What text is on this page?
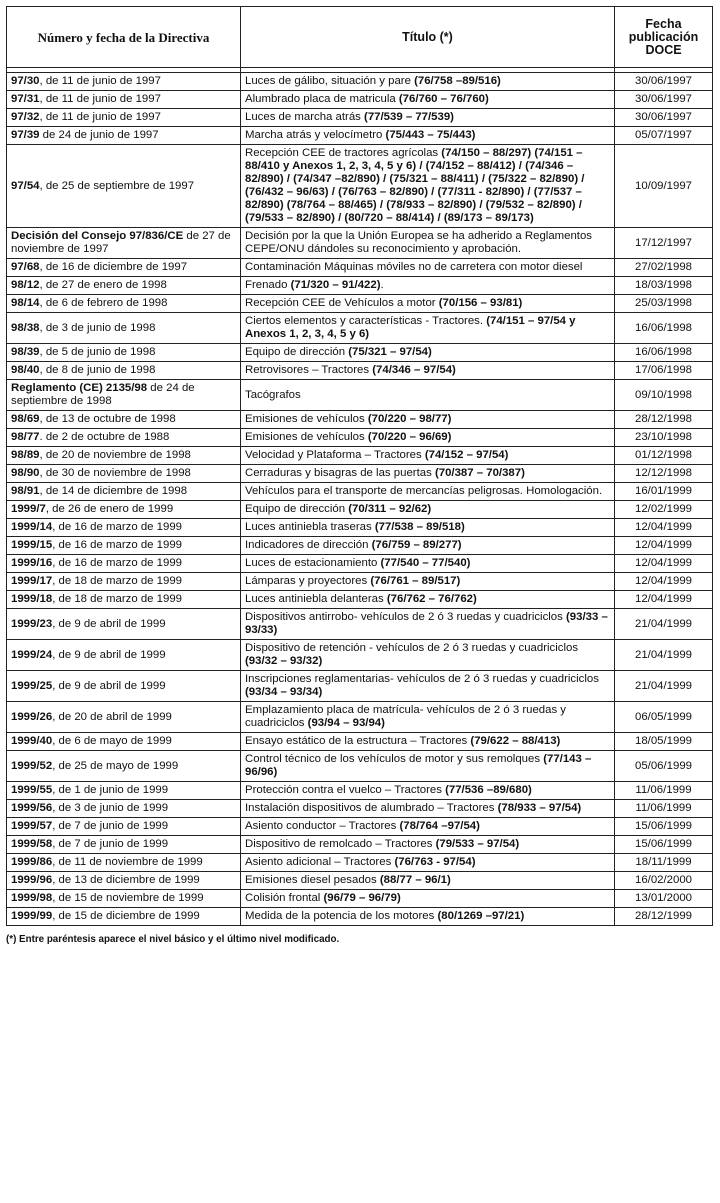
Número y fecha de la Directiva	Título (*)	Fecha publicación DOCE

97/30, de 11 de junio de 1997	Luces de gálibo, situación y pare (76/758 –89/516)	30/06/1997
97/31, de 11 de junio de 1997	Alumbrado placa de matricula (76/760 – 76/760)	30/06/1997
97/32, de 11 de junio de 1997	Luces de marcha atrás (77/539 – 77/539)	30/06/1997
97/39 de 24 de junio de 1997	Marcha atrás y velocímetro (75/443 – 75/443)	05/07/1997
97/54, de 25 de septiembre de 1997	Recepción CEE de tractores agrícolas (74/150 – 88/297) (74/151 – 88/410 y Anexos 1, 2, 3, 4, 5 y 6) / (74/152 – 88/412) / (74/346 – 82/890) / (74/347 –82/890) / (75/321 – 88/411) / (75/322 – 82/890) / (76/432 – 96/63) / (76/763 – 82/890) / (77/311 - 82/890) / (77/537 – 82/890) (78/764 – 88/465) / (78/933 – 82/890) / (79/532 – 82/890) / (79/533 – 82/890) / (80/720 – 88/414) / (89/173 – 89/173)	10/09/1997
Decisión del Consejo 97/836/CE de 27 de noviembre de 1997	Decisión por la que la Unión Europea se ha adherido a Reglamentos CEPE/ONU dándoles su reconocimiento y aprobación.	17/12/1997
97/68, de 16 de diciembre de 1997	Contaminación Máquinas móviles no de carretera con motor diesel	27/02/1998
98/12, de 27 de enero de 1998	Frenado (71/320 – 91/422).	18/03/1998
98/14, de 6 de febrero de 1998	Recepción CEE de Vehículos a motor (70/156 – 93/81)	25/03/1998
98/38, de 3 de junio de 1998	Ciertos elementos y características - Tractores. (74/151 – 97/54 y Anexos 1, 2, 3, 4, 5 y 6)	16/06/1998
98/39, de 5 de junio de 1998	Equipo de dirección (75/321 – 97/54)	16/06/1998
98/40, de 8 de junio de 1998	Retrovisores – Tractores (74/346 – 97/54)	17/06/1998
Reglamento (CE) 2135/98 de 24 de septiembre de 1998	Tacógrafos	09/10/1998
98/69, de 13 de octubre de 1998	Emisiones de vehículos (70/220 – 98/77)	28/12/1998
98/77. de 2 de octubre de 1988	Emisiones de vehículos (70/220 – 96/69)	23/10/1998
98/89, de 20 de noviembre de 1998	Velocidad y Plataforma – Tractores (74/152 – 97/54)	01/12/1998
98/90, de 30 de noviembre de 1998	Cerraduras y bisagras de las puertas (70/387 – 70/387)	12/12/1998
98/91, de 14 de diciembre de 1998	Vehículos para el transporte de mercancías peligrosas. Homologación.	16/01/1999
1999/7, de 26 de enero de 1999	Equipo de dirección (70/311 – 92/62)	12/02/1999
1999/14, de 16 de marzo de 1999	Luces antiniebla traseras (77/538 – 89/518)	12/04/1999
1999/15, de 16 de marzo de 1999	Indicadores de dirección (76/759 – 89/277)	12/04/1999
1999/16, de 16 de marzo de 1999	Luces de estacionamiento (77/540 – 77/540)	12/04/1999
1999/17, de 18 de marzo de 1999	Lámparas y proyectores (76/761 – 89/517)	12/04/1999
1999/18, de 18 de marzo de 1999	Luces antiniebla delanteras (76/762 – 76/762)	12/04/1999
1999/23, de 9 de abril de 1999	Dispositivos antirrobo- vehículos de 2 ó 3 ruedas y cuadriciclos (93/33 – 93/33)	21/04/1999
1999/24, de 9 de abril de 1999	Dispositivo de retención - vehículos de 2 ó 3 ruedas y cuadriciclos (93/32 – 93/32)	21/04/1999
1999/25, de 9 de abril de 1999	Inscripciones reglamentarias- vehículos de 2 ó 3 ruedas y cuadriciclos (93/34 – 93/34)	21/04/1999
1999/26, de 20 de abril de 1999	Emplazamiento placa de matrícula- vehículos de 2 ó 3 ruedas y cuadriciclos (93/94 – 93/94)	06/05/1999
1999/40, de 6 de mayo de 1999	Ensayo estático de la estructura – Tractores (79/622 – 88/413)	18/05/1999
1999/52, de 25 de mayo de 1999	Control técnico de los vehículos de motor y sus remolques (77/143 – 96/96)	05/06/1999
1999/55, de 1 de junio de 1999	Protección contra el vuelco – Tractores (77/536 –89/680)	11/06/1999
1999/56, de 3 de junio de 1999	Instalación dispositivos de alumbrado – Tractores (78/933 – 97/54)	11/06/1999
1999/57, de 7 de junio de 1999	Asiento conductor – Tractores (78/764 –97/54)	15/06/1999
1999/58, de 7 de junio de 1999	Dispositivo de remolcado – Tractores (79/533 – 97/54)	15/06/1999
1999/86, de 11 de noviembre de 1999	Asiento adicional – Tractores (76/763 - 97/54)	18/11/1999
1999/96, de 13 de diciembre de 1999	Emisiones diesel pesados (88/77 – 96/1)	16/02/2000
1999/98, de 15 de noviembre de 1999	Colisión frontal (96/79 – 96/79)	13/01/2000
1999/99, de 15 de diciembre de 1999	Medida de la potencia de los motores (80/1269 –97/21)	28/12/1999
(*) Entre paréntesis aparece el nivel básico y el último nivel modificado.
